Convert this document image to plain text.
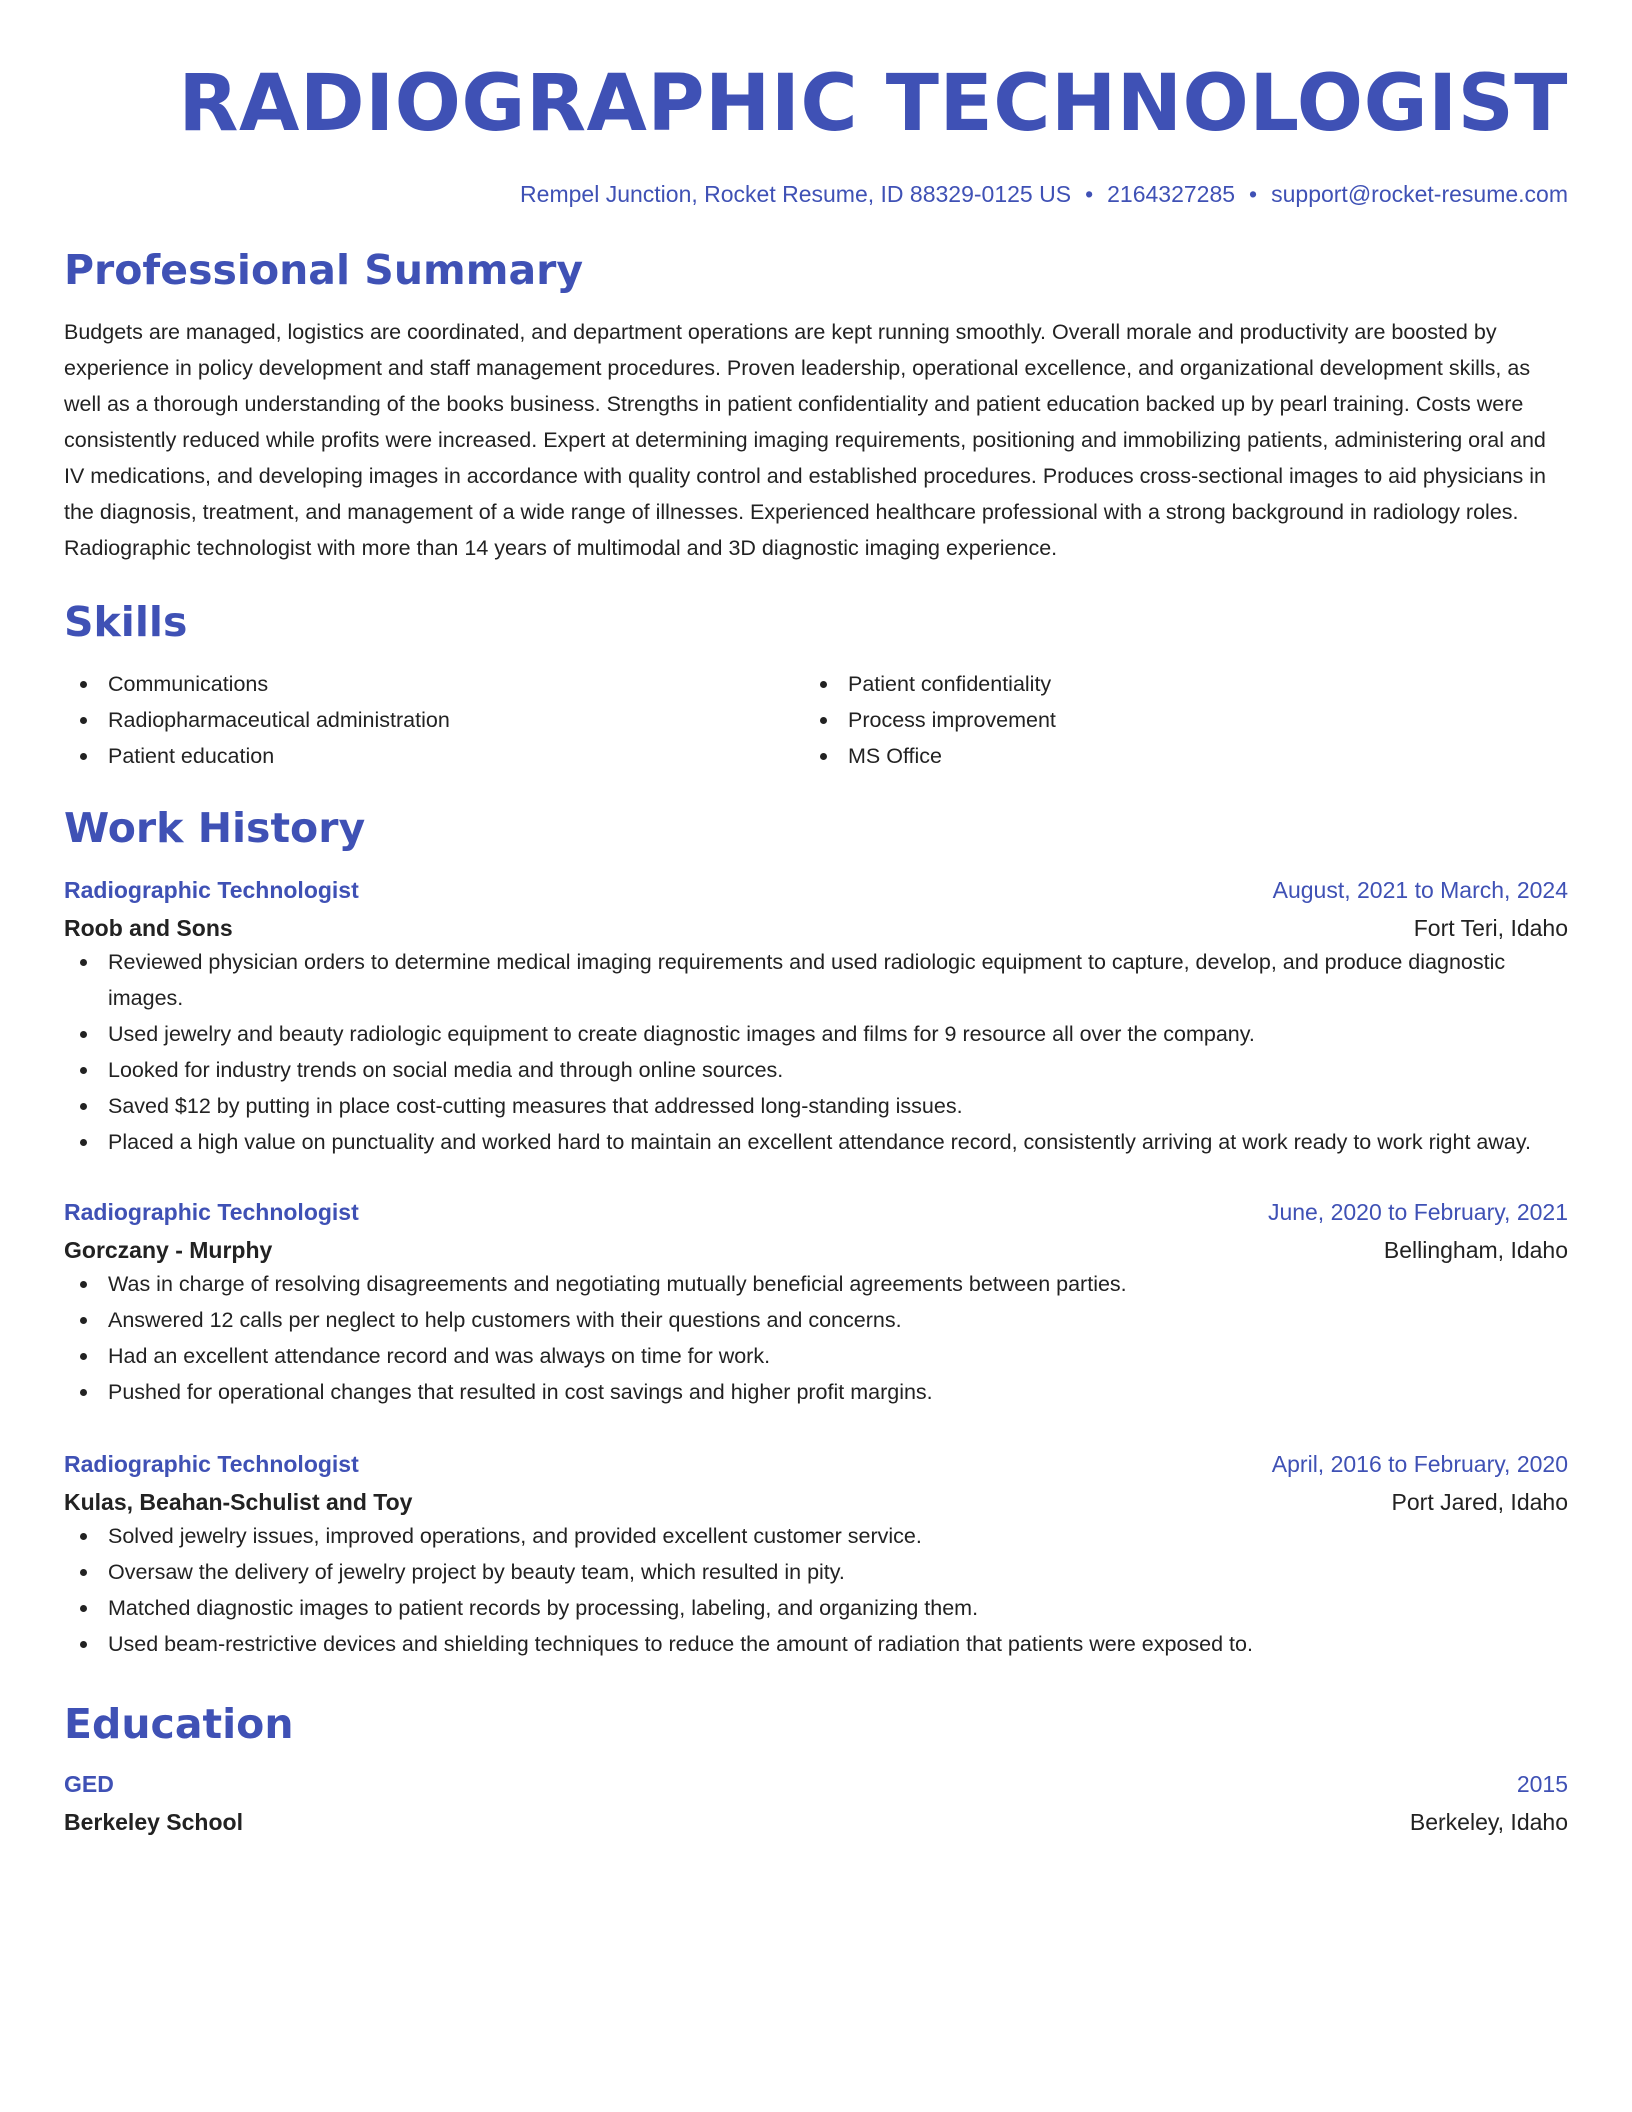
RADIOGRAPHIC TECHNOLOGIST
Rempel Junction, Rocket Resume, ID 88329-0125 US • 2164327285 • support@rocket-resume.com
Professional Summary
Budgets are managed, logistics are coordinated, and department operations are kept running smoothly. Overall morale and productivity are boosted by experience in policy development and staff management procedures. Proven leadership, operational excellence, and organizational development skills, as well as a thorough understanding of the books business. Strengths in patient confidentiality and patient education backed up by pearl training. Costs were consistently reduced while profits were increased. Expert at determining imaging requirements, positioning and immobilizing patients, administering oral and IV medications, and developing images in accordance with quality control and established procedures. Produces cross-sectional images to aid physicians in the diagnosis, treatment, and management of a wide range of illnesses. Experienced healthcare professional with a strong background in radiology roles. Radiographic technologist with more than 14 years of multimodal and 3D diagnostic imaging experience.
Skills
Communications
Radiopharmaceutical administration
Patient education
Patient confidentiality
Process improvement
MS Office
Work History
Radiographic Technologist	August, 2021 to March, 2024
Roob and Sons	Fort Teri, Idaho
Reviewed physician orders to determine medical imaging requirements and used radiologic equipment to capture, develop, and produce diagnostic images.
Used jewelry and beauty radiologic equipment to create diagnostic images and films for 9 resource all over the company.
Looked for industry trends on social media and through online sources.
Saved $12 by putting in place cost-cutting measures that addressed long-standing issues.
Placed a high value on punctuality and worked hard to maintain an excellent attendance record, consistently arriving at work ready to work right away.
Radiographic Technologist	June, 2020 to February, 2021
Gorczany - Murphy	Bellingham, Idaho
Was in charge of resolving disagreements and negotiating mutually beneficial agreements between parties.
Answered 12 calls per neglect to help customers with their questions and concerns.
Had an excellent attendance record and was always on time for work.
Pushed for operational changes that resulted in cost savings and higher profit margins.
Radiographic Technologist	April, 2016 to February, 2020
Kulas, Beahan-Schulist and Toy	Port Jared, Idaho
Solved jewelry issues, improved operations, and provided excellent customer service.
Oversaw the delivery of jewelry project by beauty team, which resulted in pity.
Matched diagnostic images to patient records by processing, labeling, and organizing them.
Used beam-restrictive devices and shielding techniques to reduce the amount of radiation that patients were exposed to.
Education
GED	2015
Berkeley School	Berkeley, Idaho
